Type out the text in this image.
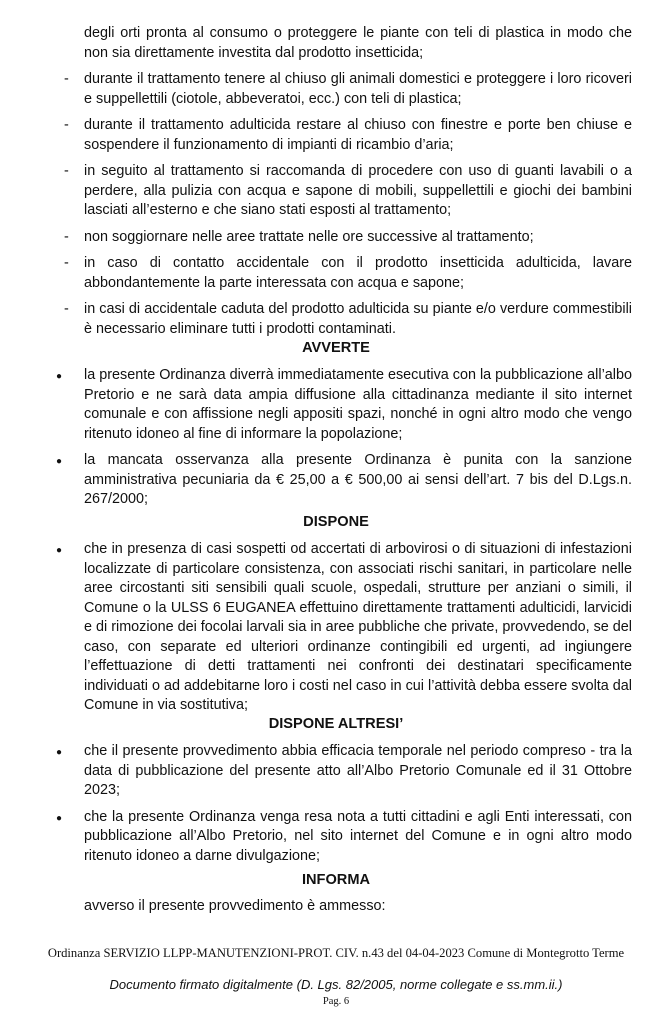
degli orti pronta al consumo o proteggere le piante con teli di plastica in modo che non sia direttamente investita dal prodotto insetticida;
- durante il trattamento tenere al chiuso gli animali domestici e proteggere i loro ricoveri e suppellettili (ciotole, abbeveratoi, ecc.) con teli di plastica;
- durante il trattamento adulticida restare al chiuso con finestre e porte ben chiuse e sospendere il funzionamento di impianti di ricambio d’aria;
- in seguito al trattamento si raccomanda di procedere con uso di guanti lavabili o a perdere, alla pulizia con acqua e sapone di mobili, suppellettili e giochi dei bambini lasciati all’esterno e che siano stati esposti al trattamento;
- non soggiornare nelle aree trattate nelle ore successive al trattamento;
- in caso di contatto accidentale con il prodotto insetticida adulticida, lavare abbondantemente la parte interessata con acqua e sapone;
- in casi di accidentale caduta del prodotto adulticida su piante e/o verdure commestibili è necessario eliminare tutti i prodotti contaminati.
AVVERTE
● la presente Ordinanza diverrà immediatamente esecutiva con la pubblicazione all’albo Pretorio e ne sarà data ampia diffusione alla cittadinanza mediante il sito internet comunale e con affissione negli appositi spazi, nonché in ogni altro modo che vengo ritenuto idoneo al fine di informare la popolazione;
● la mancata osservanza alla presente Ordinanza è punita con la sanzione amministrativa pecuniaria da € 25,00 a € 500,00 ai sensi dell’art. 7 bis del D.Lgs.n. 267/2000;
DISPONE
● che in presenza di casi sospetti od accertati di arbovirosi o di situazioni di infestazioni localizzate di particolare consistenza, con associati rischi sanitari, in particolare nelle aree circostanti siti sensibili quali scuole, ospedali, strutture per anziani o simili, il Comune o la ULSS 6 EUGANEA effettuino direttamente trattamenti adulticidi, larvicidi e di rimozione dei focolai larvali sia in aree pubbliche che private, provvedendo, se del caso, con separate ed ulteriori ordinanze contingibili ed urgenti, ad ingiungere l’effettuazione di detti trattamenti nei confronti dei destinatari specificamente individuati o ad addebitarne loro i costi nel caso in cui l’attività debba essere svolta dal Comune in via sostitutiva;
DISPONE ALTRESI’
● che il presente provvedimento abbia efficacia temporale nel periodo compreso - tra la data di pubblicazione del presente atto all’Albo Pretorio Comunale ed il 31 Ottobre 2023;
● che la presente Ordinanza venga resa nota a tutti cittadini e agli Enti interessati, con pubblicazione all’Albo Pretorio, nel sito internet del Comune e in ogni altro modo ritenuto idoneo a darne divulgazione;
INFORMA
avverso il presente provvedimento è ammesso:
Ordinanza SERVIZIO LLPP-MANUTENZIONI-PROT. CIV. n.43 del 04-04-2023 Comune di Montegrotto Terme
Documento firmato digitalmente (D. Lgs. 82/2005, norme collegate e ss.mm.ii.)
Pag. 6
